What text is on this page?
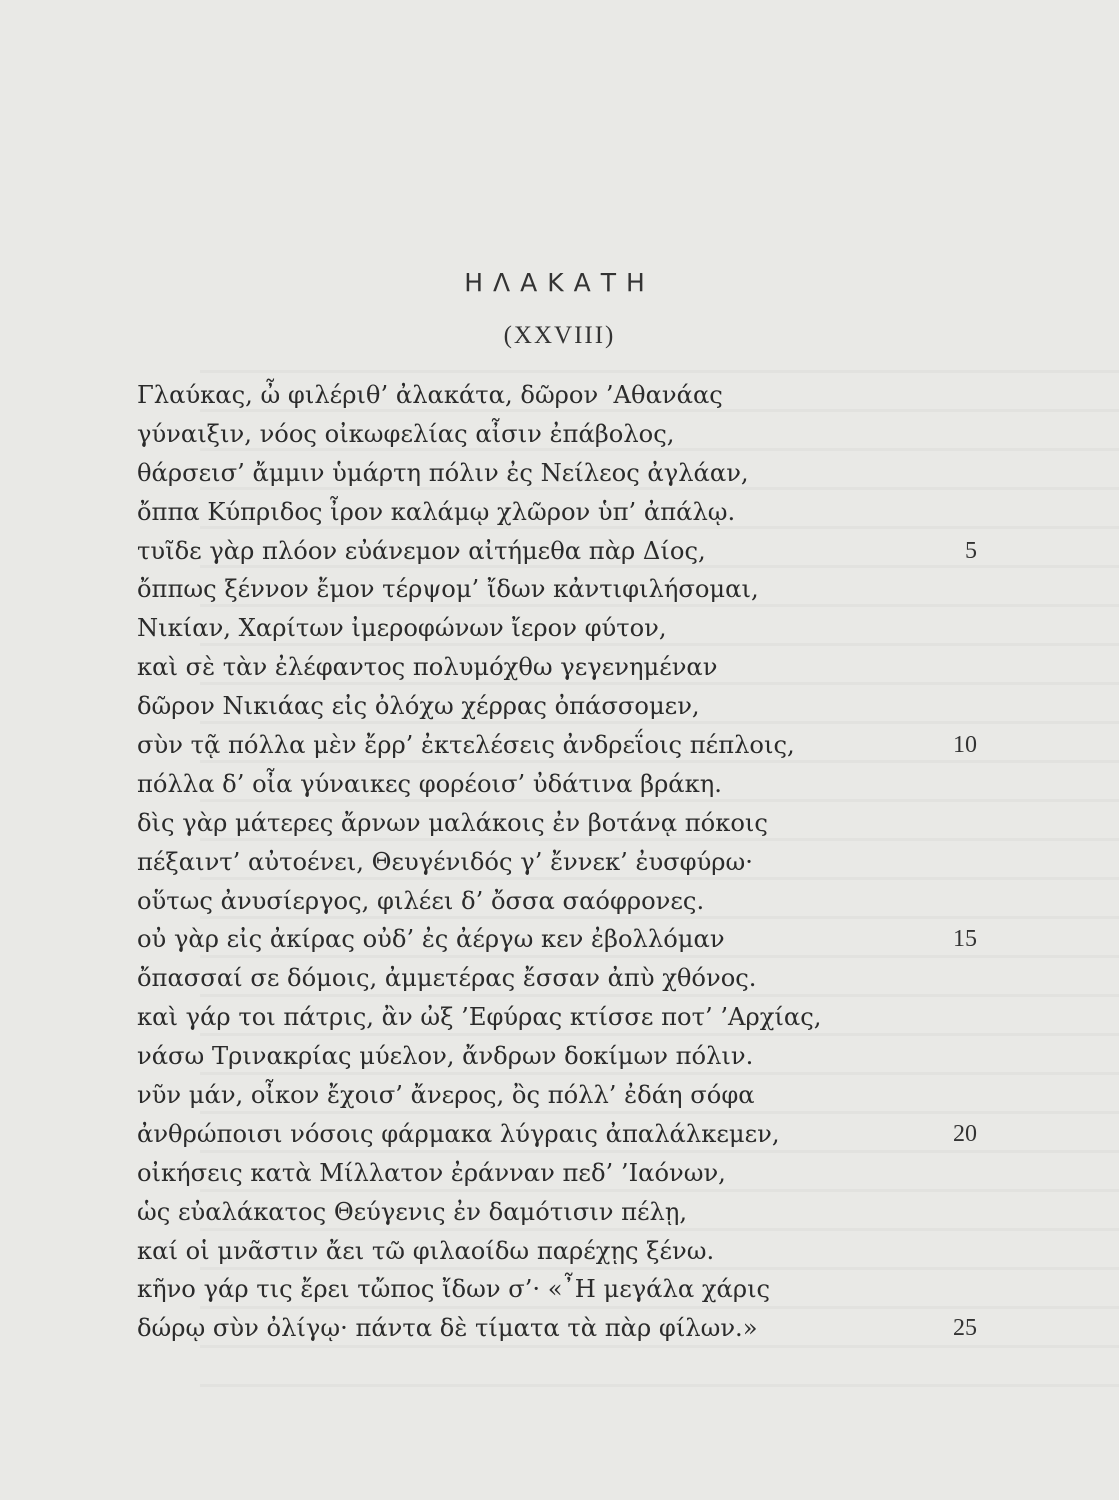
ΗΛΑΚΑΤΗ
(XXVIII)
Γλαύκας, ὦ φιλέριθ’ ἀλακάτα, δῶρον ’Αθανάας
γύναιξιν, νόος οἰκωφελίας αἶσιν ἐπάβολος,
θάρσεισ’ ἄμμιν ὑμάρτη πόλιν ἐς Νείλεος ἀγλάαν,
ὄππα Κύπριδος ἶρον καλάμῳ χλῶρον ὑπ’ ἀπάλῳ.
τυῖδε γὰρ πλόον εὐάνεμον αἰτήμεθα πὰρ Δίος,	5
ὄππως ξέννον ἔμον τέρψομ’ ἴδων κἀντιφιλήσομαι,
Νικίαν, Χαρίτων ἰμεροφώνων ἴερον φύτον,
καὶ σὲ τὰν ἐλέφαντος πολυμόχθω γεγενημέναν
δῶρον Νικιάας εἰς ὀλόχω χέρρας ὀπάσσομεν,
σὺν τᾷ πόλλα μὲν ἔρρ’ ἐκτελέσεις ἀνδρεΐοις πέπλοις,	10
πόλλα δ’ οἶα γύναικες φορέοισ’ ὐδάτινα βράκη.
δὶς γὰρ μάτερες ἄρνων μαλάκοις ἐν βοτάνᾳ πόκοις
πέξαιντ’ αὐτοένει, Θευγένιδός γ’ ἔννεκ’ ἐυσφύρω·
οὕτως ἀνυσίεργος, φιλέει δ’ ὄσσα σαόφρονες.
οὐ γὰρ εἰς ἀκίρας οὐδ’ ἐς ἀέργω κεν ἐβολλόμαν	15
ὄπασσαί σε δόμοις, ἀμμετέρας ἔσσαν ἀπὺ χθόνος.
καὶ γάρ τοι πάτρις, ἂν ὠξ ’Εφύρας κτίσσε ποτ’ ’Αρχίας,
νάσω Τρινακρίας μύελον, ἄνδρων δοκίμων πόλιν.
νῦν μάν, οἶκον ἔχοισ’ ἄνερος, ὂς πόλλ’ ἐδάη σόφα
ἀνθρώποισι νόσοις φάρμακα λύγραις ἀπαλάλκεμεν,	20
οἰκήσεις κατὰ Μίλλατον ἐράνναν πεδ’ ’Ιαόνων,
ὡς εὐαλάκατος Θεύγενις ἐν δαμότισιν πέλῃ,
καί οἱ μνᾶστιν ἄει τῶ φιλαοίδω παρέχῃς ξένω.
κῆνο γάρ τις ἔρει τὤπος ἴδων σ’· «῏Η μεγάλα χάρις
δώρῳ σὺν ὀλίγῳ· πάντα δὲ τίματα τὰ πὰρ φίλων.»	25
